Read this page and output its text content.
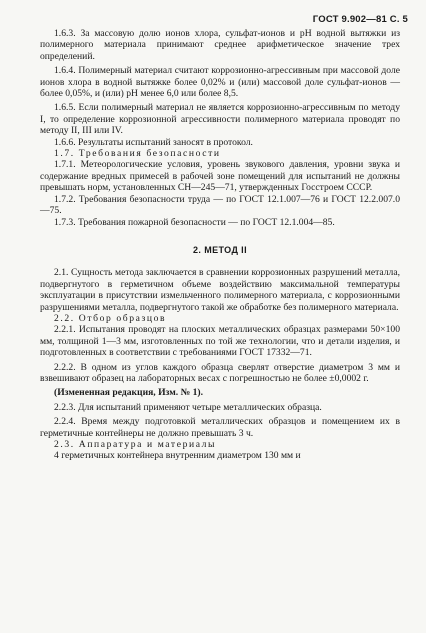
ГОСТ 9.902—81 С. 5

1.6.3. За массовую долю ионов хлора, сульфат-ионов и рН водной вытяжки из полимерного материала принимают среднее арифметическое значение трех определений.

1.6.4. Полимерный материал считают коррозионно-агрессивным при массовой доле ионов хлора в водной вытяжке более 0,02% и (или) массовой доле сульфат-ионов — более 0,05%, и (или) рН менее 6,0 или более 8,5.

1.6.5. Если полимерный материал не является коррозионно-агрессивным по методу I, то определение коррозионной агрессивности полимерного материала проводят по методу II, III или IV.

1.6.6. Результаты испытаний заносят в протокол.

1.7. Требования безопасности

1.7.1. Метеорологические условия, уровень звукового давления, уровни звука и содержание вредных примесей в рабочей зоне помещений для испытаний не должны превышать норм, установленных СН—245—71, утвержденных Госстроем СССР.

1.7.2. Требования безопасности труда — по ГОСТ 12.1.007—76 и ГОСТ 12.2.007.0—75.

1.7.3. Требования пожарной безопасности — по ГОСТ 12.1.004—85.

2. МЕТОД II

2.1. Сущность метода заключается в сравнении коррозионных разрушений металла, подвергнутого в герметичном объеме воздействию максимальной температуры эксплуатации в присутствии измельченного полимерного материала, с коррозионными разрушениями металла, подвергнутого такой же обработке без полимерного материала.

2.2. Отбор образцов

2.2.1. Испытания проводят на плоских металлических образцах размерами 50×100 мм, толщиной 1—3 мм, изготовленных по той же технологии, что и детали изделия, и подготовленных в соответствии с требованиями ГОСТ 17332—71.

2.2.2. В одном из углов каждого образца сверлят отверстие диаметром 3 мм и взвешивают образец на лабораторных весах с погрешностью не более ±0,0002 г.

(Измененная редакция, Изм. № 1).

2.2.3. Для испытаний применяют четыре металлических образца.

2.2.4. Время между подготовкой металлических образцов и помещением их в герметичные контейнеры не должно превышать 3 ч.

2.3. Аппаратура и материалы

4 герметичных контейнера внутренним диаметром 130 мм и
